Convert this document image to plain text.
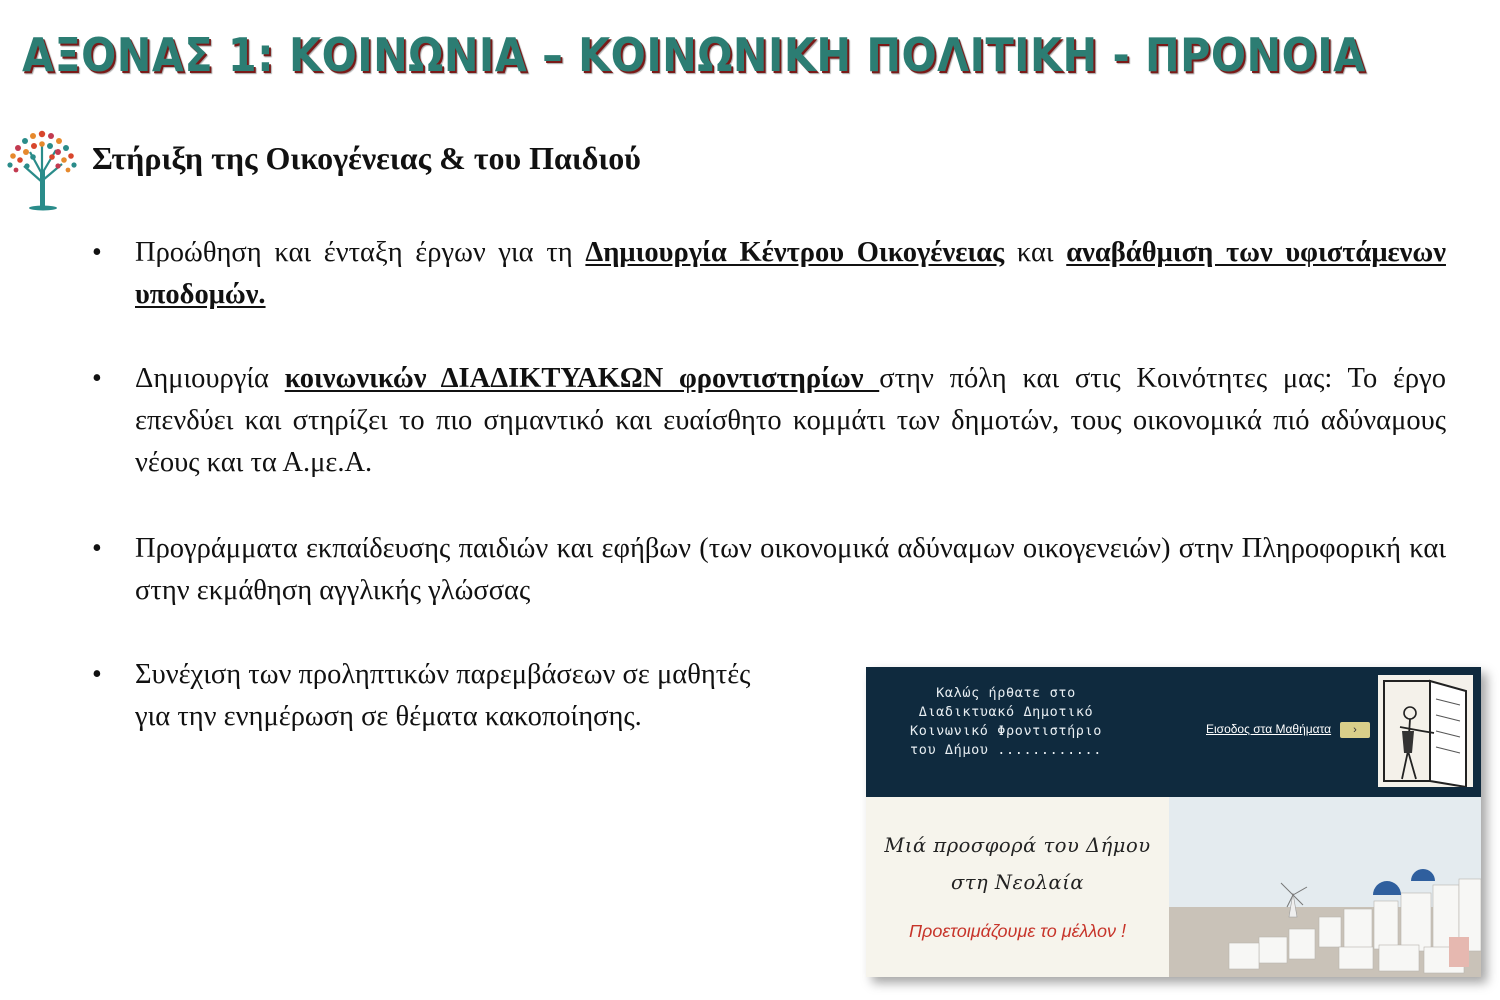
ΑΞΟΝΑΣ 1: ΚΟΙΝΩΝΙΑ – ΚΟΙΝΩΝΙΚΗ ΠΟΛΙΤΙΚΗ - ΠΡΟΝΟΙΑ
Στήριξη της Οικογένειας & του Παιδιού
• Προώθηση και ένταξη έργων για τη Δημιουργία Κέντρου Οικογένειας και αναβάθμιση των υφιστάμενων υποδομών.
• Δημιουργία κοινωνικών ΔΙΑΔΙΚΤΥΑΚΩΝ φροντιστηρίων στην πόλη και στις Κοινότητες μας: Το έργο επενδύει και στηρίζει το πιο σημαντικό και ευαίσθητο κομμάτι των δημοτών, τους οικονομικά πιό αδύναμους νέους και τα Α.με.Α.
• Προγράμματα εκπαίδευσης παιδιών και εφήβων (των οικονομικά αδύναμων οικογενειών) στην Πληροφορική και στην εκμάθηση αγγλικής γλώσσας
• Συνέχιση των προληπτικών παρεμβάσεων σε μαθητές
για την ενημέρωση σε θέματα κακοποίησης.
Καλώς ήρθατε στο
Διαδικτυακό Δημοτικό
Κοινωνικό Φροντιστήριο
του Δήμου ............
Εισοδος στα Μαθήματα	›
Μιά προσφορά του Δήμου
στη Νεολαία
Προετοιμάζουμε το μέλλον !
